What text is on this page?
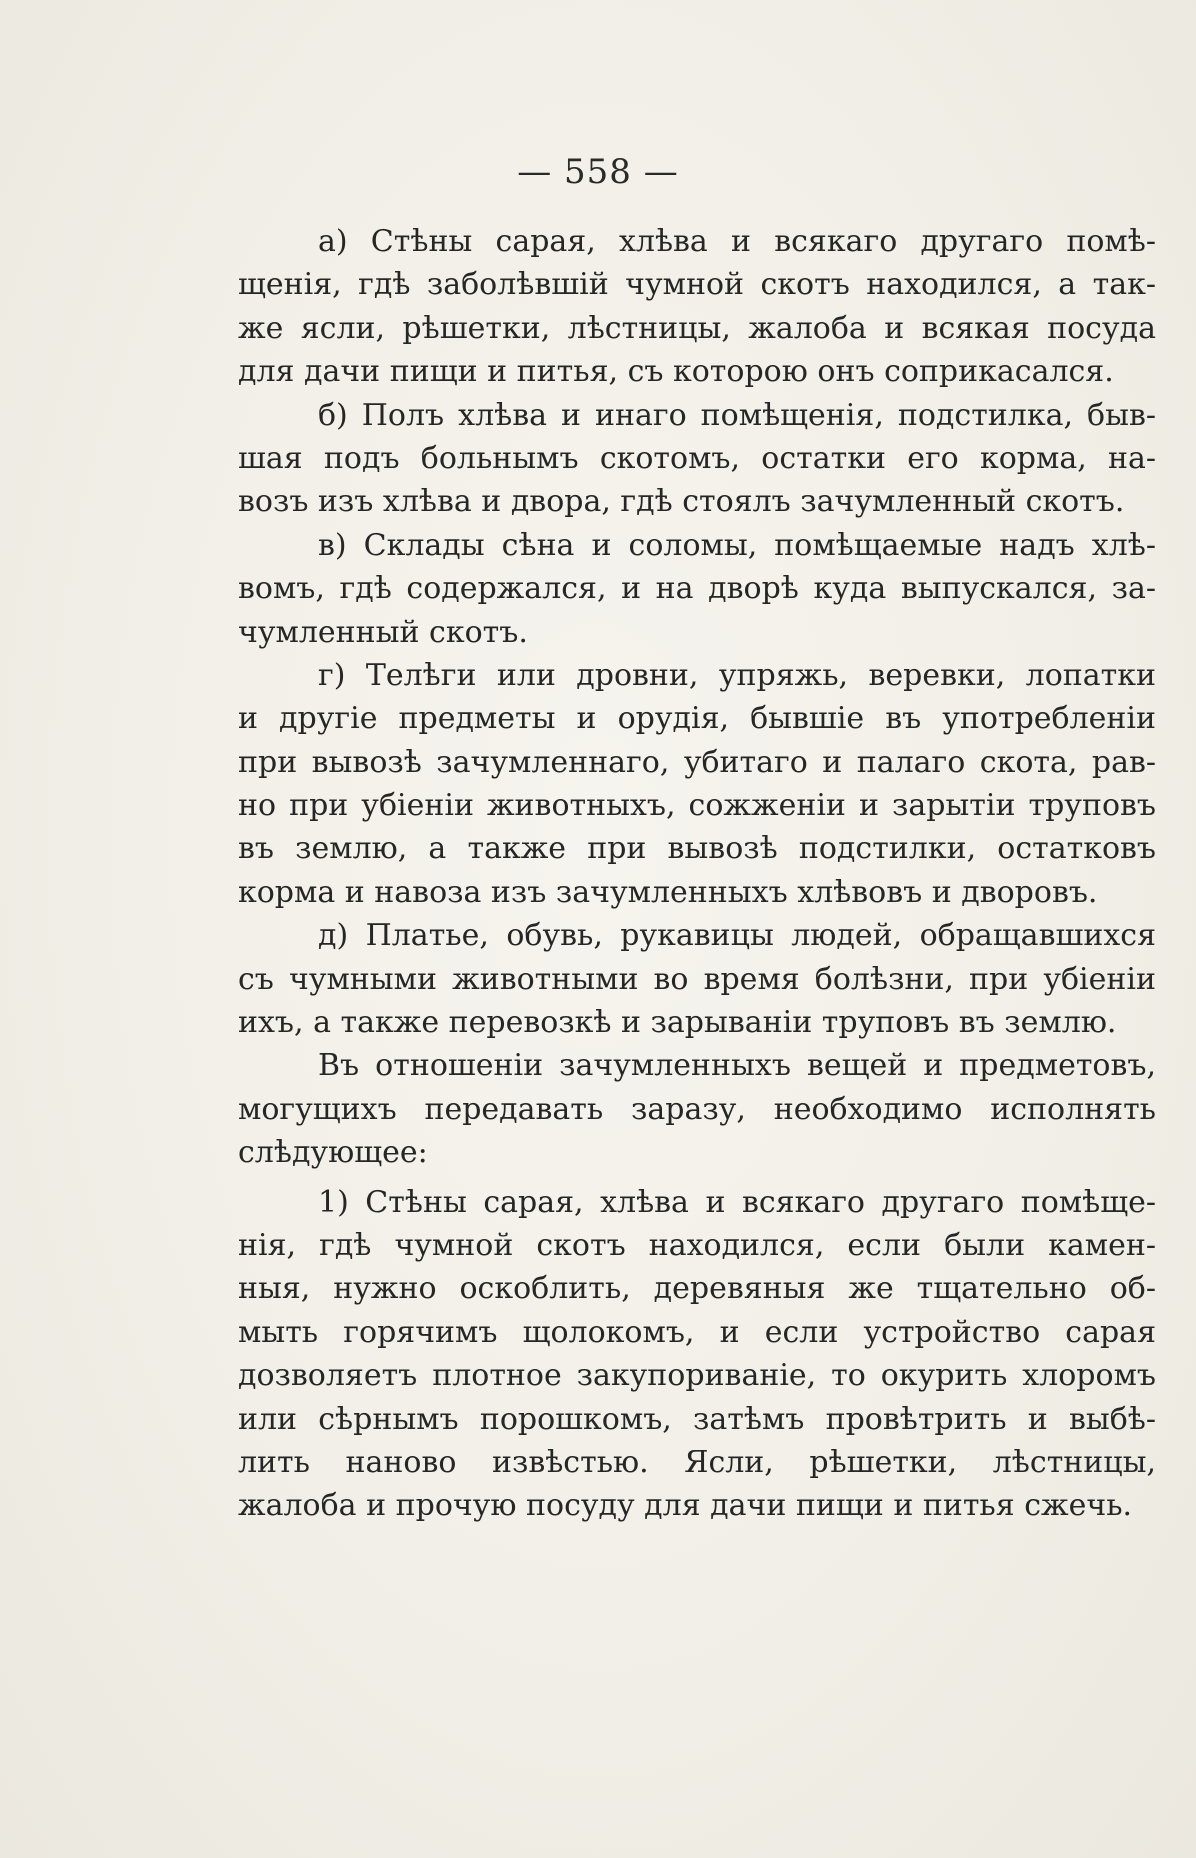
— 558 —
а) Стѣны сарая, хлѣва и всякаго другаго помѣ-
щенія, гдѣ заболѣвшій чумной скотъ находился, а так-
же ясли, рѣшетки, лѣстницы, жалоба и всякая посуда
для дачи пищи и питья, съ которою онъ соприкасался.
б) Полъ хлѣва и инаго помѣщенія, подстилка, быв-
шая подъ больнымъ скотомъ, остатки его корма, на-
возъ изъ хлѣва и двора, гдѣ стоялъ зачумленный скотъ.
в) Склады сѣна и соломы, помѣщаемые надъ хлѣ-
вомъ, гдѣ содержался, и на дворѣ куда выпускался, за-
чумленный скотъ.
г) Телѣги или дровни, упряжь, веревки, лопатки
и другіе предметы и орудія, бывшіе въ употребленіи
при вывозѣ зачумленнаго, убитаго и палаго скота, рав-
но при убіеніи животныхъ, сожженіи и зарытіи труповъ
въ землю, а также при вывозѣ подстилки, остатковъ
корма и навоза изъ зачумленныхъ хлѣвовъ и дворовъ.
д) Платье, обувь, рукавицы людей, обращавшихся
съ чумными животными во время болѣзни, при убіеніи
ихъ, а также перевозкѣ и зарываніи труповъ въ землю.
Въ отношеніи зачумленныхъ вещей и предметовъ,
могущихъ передавать заразу, необходимо исполнять
слѣдующее:
1) Стѣны сарая, хлѣва и всякаго другаго помѣще-
нія, гдѣ чумной скотъ находился, если были камен-
ныя, нужно оскоблить, деревяныя же тщательно об-
мыть горячимъ щолокомъ, и если устройство сарая
дозволяетъ плотное закупориваніе, то окурить хлоромъ
или сѣрнымъ порошкомъ, затѣмъ провѣтрить и выбѣ-
лить наново извѣстью. Ясли, рѣшетки, лѣстницы,
жалоба и прочую посуду для дачи пищи и питья сжечь.
